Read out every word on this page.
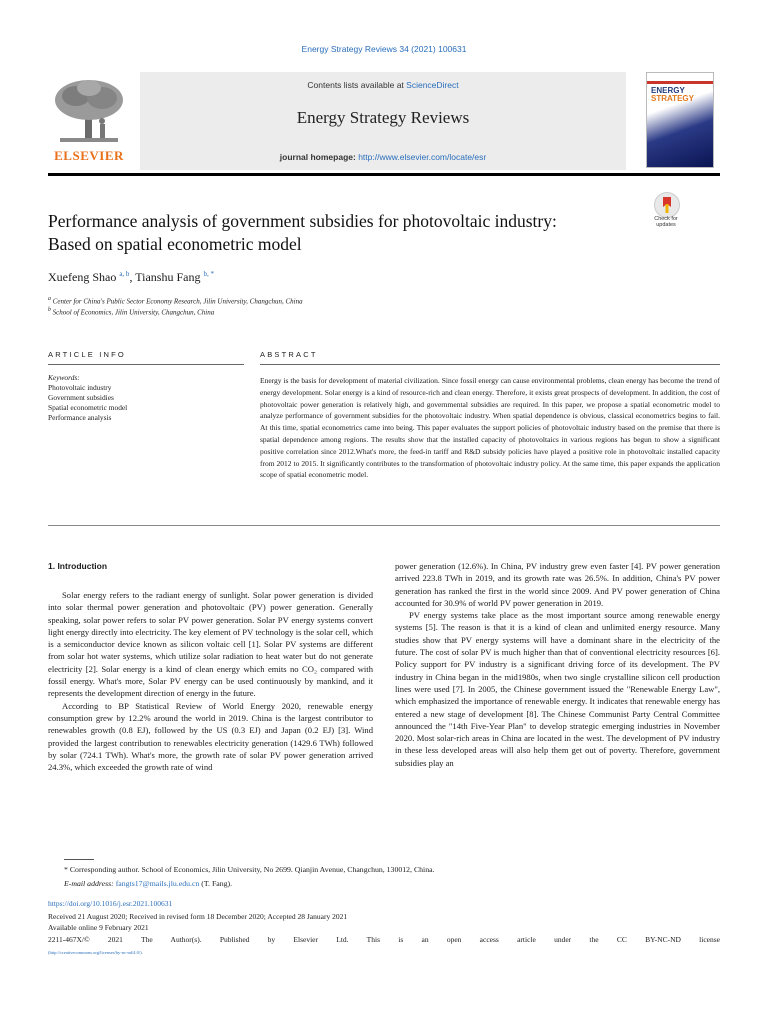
Energy Strategy Reviews 34 (2021) 100631
ELSEVIER
Contents lists available at ScienceDirect
Energy Strategy Reviews
journal homepage: http://www.elsevier.com/locate/esr
ENERGY
STRATEGY
Performance analysis of government subsidies for photovoltaic industry:
Based on spatial econometric model
Check for updates
Xuefeng Shao $^{a, b}$, Tianshu Fang $^{b, *}$
$^a$ Center for China's Public Sector Economy Research, Jilin University, Changchun, China
$^b$ School of Economics, Jilin University, Changchun, China
ARTICLE INFO	ABSTRACT
Keywords:
Photovoltaic industry
Government subsidies
Spatial econometric model
Performance analysis
Energy is the basis for development of material civilization. Since fossil energy can cause environmental problems, clean energy has become the trend of energy development. Solar energy is a kind of resource-rich and clean energy. Therefore, it exists great prospects of development. In addition, the cost of photovoltaic power generation is relatively high, and governmental subsidies are required. In this paper, we propose a spatial econometric model to analyze performance of government subsidies for the photovoltaic industry. When spatial dependence is obvious, classical econometrics begins to fail. At this time, spatial econometrics came into being. This paper evaluates the support policies of photovoltaic industry based on the premise that there is spatial dependence among regions. The results show that the installed capacity of photovoltaics in various regions has begun to show a significant positive correlation since 2012.What's more, the feed-in tariff and R&D subsidy policies have played a positive role in photovoltaic installed capacity from 2012 to 2015. It significantly contributes to the transformation of photovoltaic industry policy. At the same time, this paper expands the application scope of spatial econometric model.
1. Introduction

Solar energy refers to the radiant energy of sunlight. Solar power generation is divided into solar thermal power generation and photovoltaic (PV) power generation. Generally speaking, solar power refers to solar PV power generation. Solar PV energy systems convert light energy directly into electricity. The key element of PV technology is the solar cell, which is a semiconductor device known as silicon voltaic cell [1]. Solar PV systems are different from solar hot water systems, which utilize solar radiation to heat water but do not generate electricity [2]. Solar energy is a kind of clean energy which emits no CO₂ compared with fossil energy. What's more, Solar PV energy can be used continuously by mankind, and it represents the development direction of energy in the future.

According to BP Statistical Review of World Energy 2020, renewable energy consumption grew by 12.2% around the world in 2019. China is the largest contributor to renewables growth (0.8 EJ), followed by the US (0.3 EJ) and Japan (0.2 EJ) [3]. Wind provided the largest contribution to renewables electricity generation (1429.6 TWh) followed by solar (724.1 TWh). What's more, the growth rate of solar PV power generation arrived 24.3%, which exceeded the growth rate of wind

power generation (12.6%). In China, PV industry grew even faster [4]. PV power generation arrived 223.8 TWh in 2019, and its growth rate was 26.5%. In addition, China's PV power generation has ranked the first in the world since 2009. And PV power generation of China accounted for 30.9% of world PV power generation in 2019.

PV energy systems take place as the most important source among renewable energy systems [5]. The reason is that it is a kind of clean and unlimited energy resource. Many studies show that PV energy systems will have a dominant share in the electricity of the future. The cost of solar PV is much higher than that of conventional electricity resources [6]. Policy support for PV industry is a significant driving force of its development. The PV industry in China began in the mid1980s, when two single crystalline silicon cell production lines were used [7]. In 2005, the Chinese government issued the "Renewable Energy Law", which emphasized the importance of renewable energy. It indicates that renewable energy has entered a new stage of development [8]. The Chinese Communist Party Central Committee announced the "14th Five-Year Plan" to develop strategic emerging industries in November 2020. Most solar-rich areas in China are located in the west. The development of PV industry in these less developed areas will also help them get out of poverty. Therefore, government subsidies play an

* Corresponding author. School of Economics, Jilin University, No 2699. Qianjin Avenue, Changchun, 130012, China.
E-mail address: fangts17@mails.jlu.edu.cn (T. Fang).
https://doi.org/10.1016/j.esr.2021.100631
Received 21 August 2020; Received in revised form 18 December 2020; Accepted 28 January 2021
Available online 9 February 2021
2211-467X/© 2021 The Author(s). Published by Elsevier Ltd. This is an open access article under the CC BY-NC-ND license
(http://creativecommons.org/licenses/by-nc-nd/4.0/).
